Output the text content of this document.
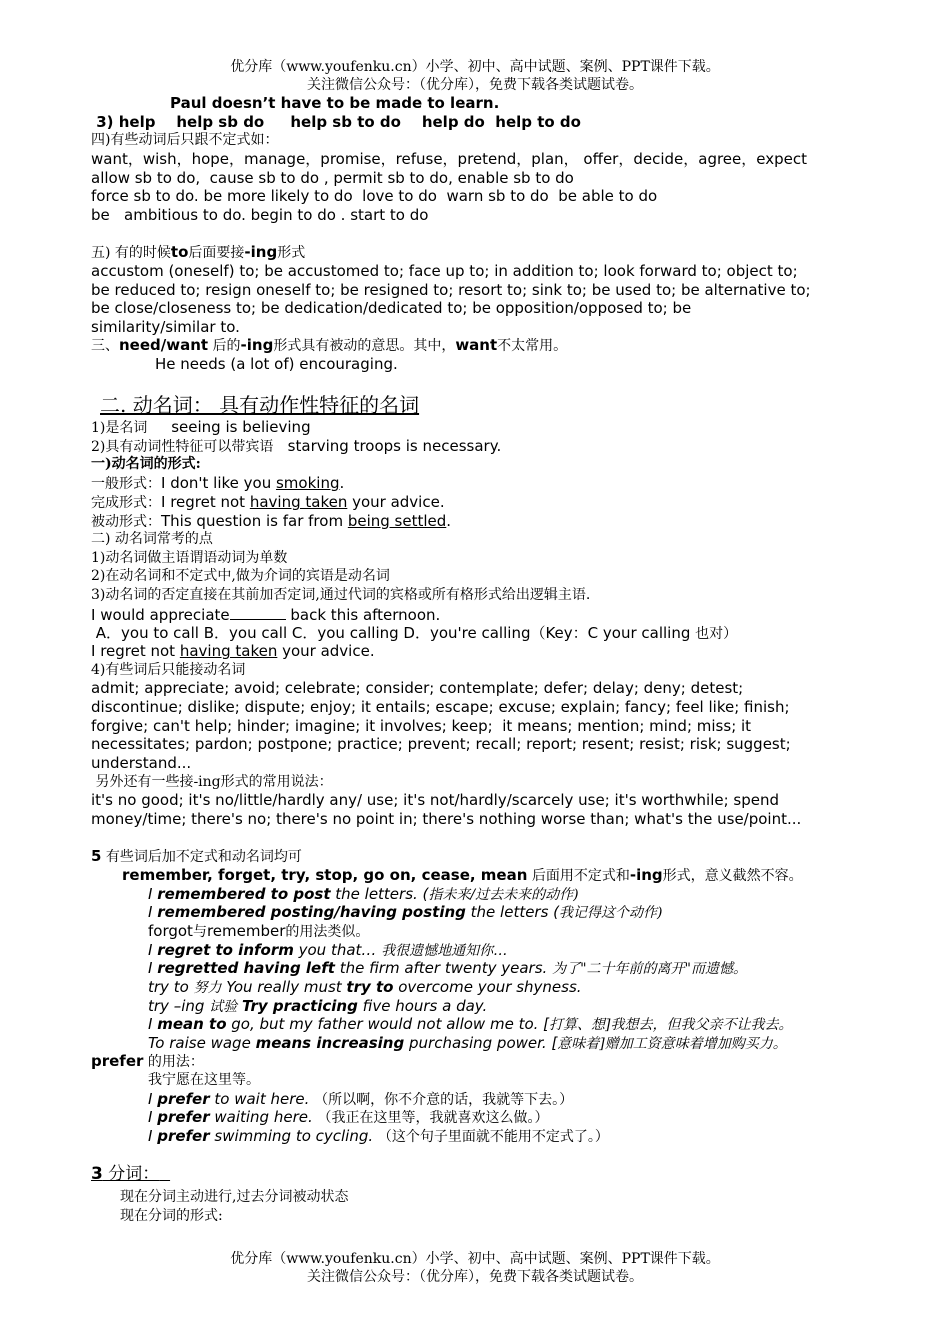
优分库（www.youfenku.cn）小学、初中、高中试题、案例、PPT课件下载。
关注微信公众号：（优分库），免费下载各类试题试卷。
Paul doesn’t have to be made to learn.
3) help    help sb do     help sb to do    help do  help to do
四)有些动词后只跟不定式如：
want，wish，hope，manage，promise，refuse，pretend，plan， offer，decide，agree，expect
allow sb to do,  cause sb to do , permit sb to do, enable sb to do
force sb to do. be more likely to do  love to do  warn sb to do  be able to do
be   ambitious to do. begin to do . start to do
五) 有的时候to后面要接-ing形式
accustom (oneself) to; be accustomed to; face up to; in addition to; look forward to; object to;
be reduced to; resign oneself to; be resigned to; resort to; sink to; be used to; be alternative to;
be close/closeness to; be dedication/dedicated to; be opposition/opposed to; be
similarity/similar to.
三、need/want 后的-ing形式具有被动的意思。其中，want不太常用。
He needs (a lot of) encouraging.
二. 动名词： 具有动作性特征的名词
1)是名词     seeing is believing
2)具有动词性特征可以带宾语   starving troops is necessary.
一)动名词的形式:
一般形式：I don't like you smoking.
完成形式：I regret not having taken your advice.
被动形式：This question is far from being settled.
二) 动名词常考的点
1)动名词做主语谓语动词为单数
2)在动名词和不定式中,做为介词的宾语是动名词
3)动名词的否定直接在其前加否定词,通过代词的宾格或所有格形式给出逻辑主语.
I would appreciate	back this afternoon.
A．you to call B．you call C．you calling D．you're calling（Key：C your calling 也对）
I regret not having taken your advice.
4)有些词后只能接动名词
admit; appreciate; avoid; celebrate; consider; contemplate; defer; delay; deny; detest;
discontinue; dislike; dispute; enjoy; it entails; escape; excuse; explain; fancy; feel like; finish;
forgive; can't help; hinder; imagine; it involves; keep;  it means; mention; mind; miss; it
necessitates; pardon; postpone; practice; prevent; recall; report; resent; resist; risk; suggest;
understand...
另外还有一些接-ing形式的常用说法：
it's no good; it's no/little/hardly any/ use; it's not/hardly/scarcely use; it's worthwhile; spend
money/time; there's no; there's no point in; there's nothing worse than; what's the use/point...
5 有些词后加不定式和动名词均可
remember, forget, try, stop, go on, cease, mean 后面用不定式和-ing形式，意义截然不容。
I remembered to post the letters. (指未来/过去未来的动作)
I remembered posting/having posting the letters (我记得这个动作)
forgot与remember的用法类似。
I regret to inform you that… 我很遗憾地通知你…
I regretted having left the firm after twenty years. 为了"二十年前的离开"而遗憾。
try to 努力 You really must try to overcome your shyness.
try –ing 试验 Try practicing five hours a day.
I mean to go, but my father would not allow me to. [打算、想]我想去，但我父亲不让我去。
To raise wage means increasing purchasing power. [意味着]赠加工资意味着增加购买力。
prefer 的用法：
我宁愿在这里等。
I prefer to wait here. （所以啊，你不介意的话，我就等下去。）
I prefer waiting here. （我正在这里等，我就喜欢这么做。）
I prefer swimming to cycling. （这个句子里面就不能用不定式了。）
3 分词：
现在分词主动进行,过去分词被动状态
现在分词的形式:
优分库（www.youfenku.cn）小学、初中、高中试题、案例、PPT课件下载。
关注微信公众号：（优分库），免费下载各类试题试卷。
